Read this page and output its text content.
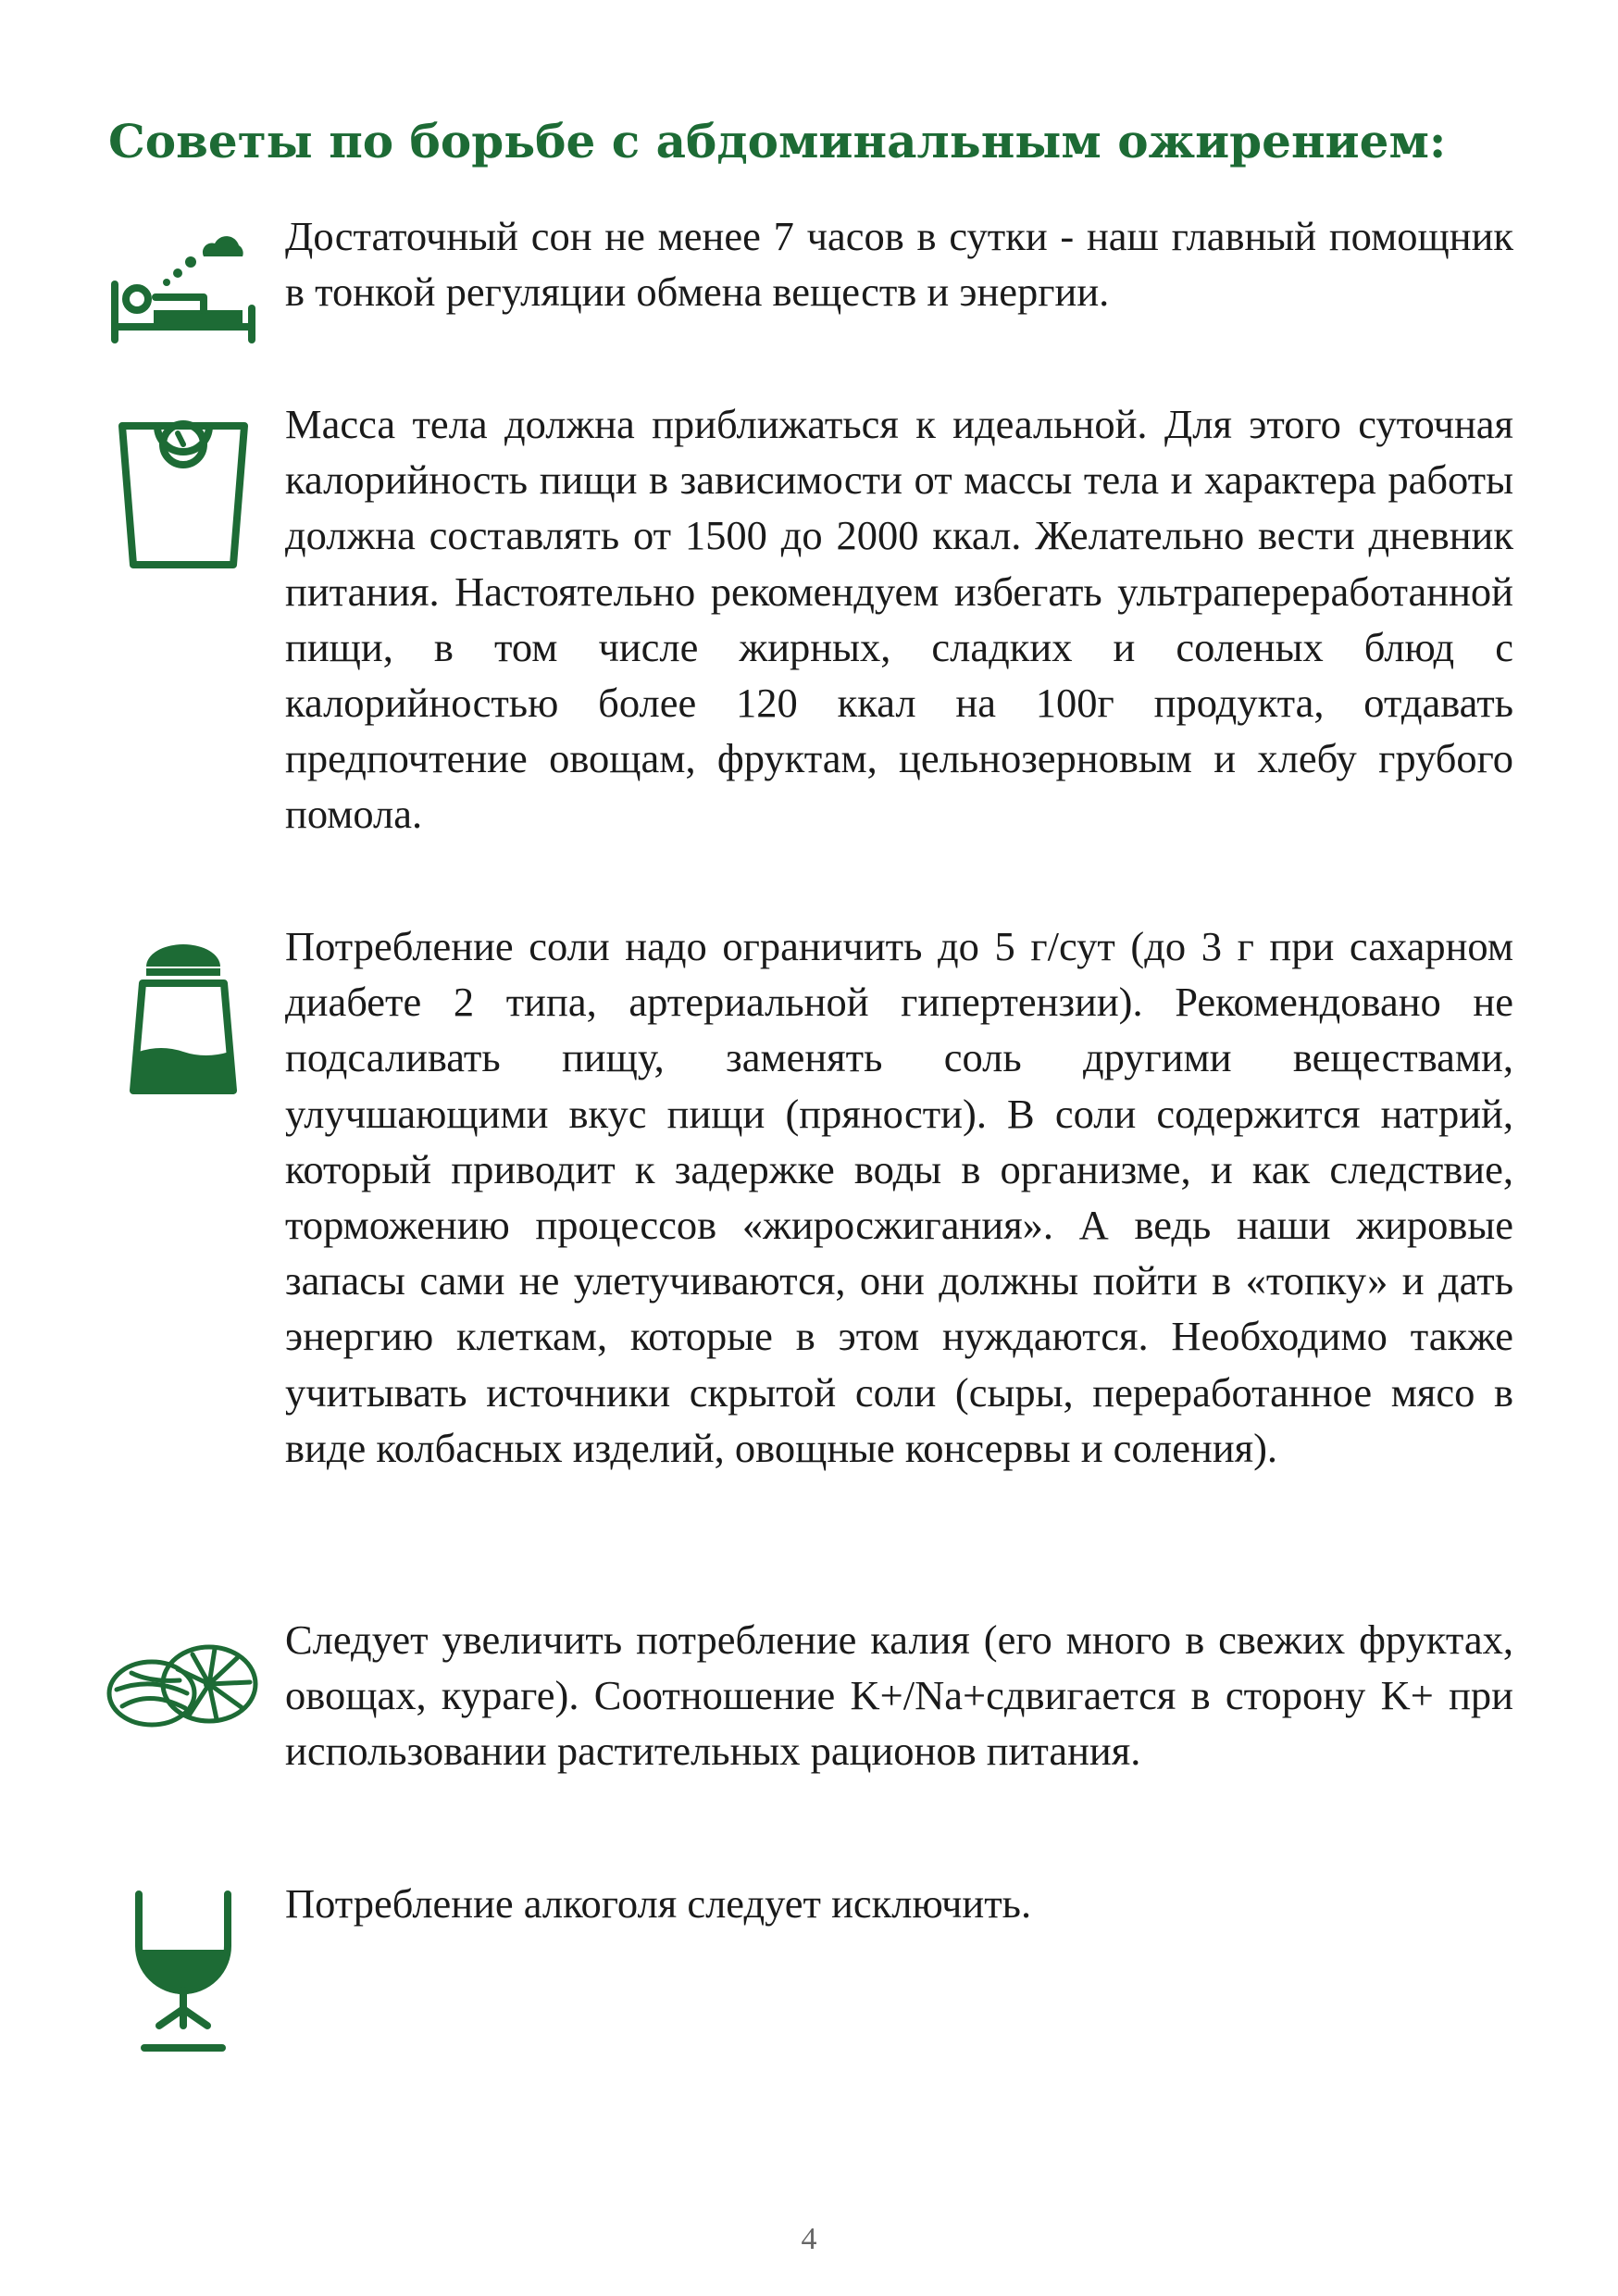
Советы по борьбе с абдоминальным ожирением:

Достаточный сон не менее 7 часов в сутки - наш главный помощник в тонкой регуляции обмена веществ и энергии.

Масса тела должна приближаться к идеальной. Для этого суточная калорийность пищи в зависимости от массы тела и характера работы должна составлять от 1500 до 2000 ккал. Желательно вести дневник питания. Настоятельно рекомендуем избегать ультрапереработанной пищи, в том числе жирных, сладких и соленых блюд с калорийностью более 120 ккал на 100г продукта, отдавать предпочтение овощам, фруктам, цельнозерновым и хлебу грубого помола.

Потребление соли надо ограничить до 5 г/сут (до 3 г при сахарном диабете 2 типа, артериальной гипертензии). Рекомендовано не подсаливать пищу, заменять соль другими веществами, улучшающими вкус пищи (пряности). В соли содержится натрий, который приводит к задержке воды в организме, и как следствие, торможению процессов «жиросжигания». А ведь наши жировые запасы сами не улетучиваются, они должны пойти в «топку» и дать энергию клеткам, которые в этом нуждаются. Необходимо также учитывать источники скрытой соли (сыры, переработанное мясо в виде колбасных изделий, овощные консервы и соления).

Следует увеличить потребление калия (его много в свежих фруктах, овощах, кураге). Соотношение K+/Na+сдвигается в сторону K+ при использовании растительных рационов питания.

Потребление алкоголя следует исключить.

4
